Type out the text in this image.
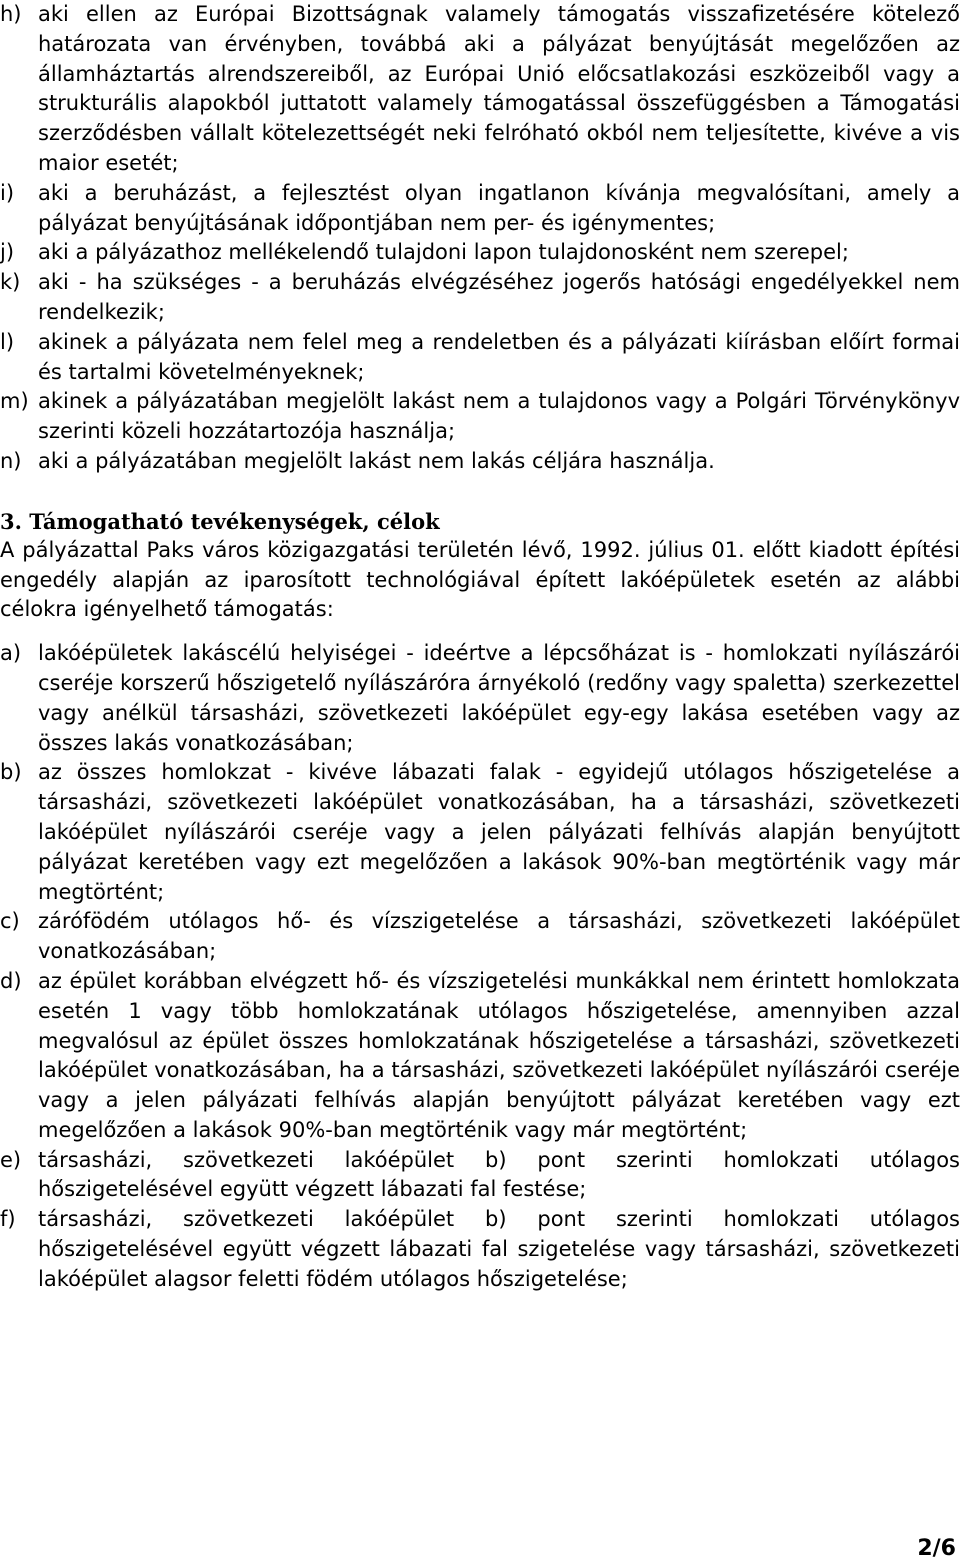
h) aki ellen az Európai Bizottságnak valamely támogatás visszafizetésére kötelező határozata van érvényben, továbbá aki a pályázat benyújtását megelőzően az államháztartás alrendszereiből, az Európai Unió előcsatlakozási eszközeiből vagy a strukturális alapokból juttatott valamely támogatással összefüggésben a Támogatási szerződésben vállalt kötelezettségét neki felróható okból nem teljesítette, kivéve a vis maior esetét;
i)	aki a beruházást, a fejlesztést olyan ingatlanon kívánja megvalósítani, amely a pályázat benyújtásának időpontjában nem per- és igénymentes;
j)	aki a pályázathoz mellékelendő tulajdoni lapon tulajdonosként nem szerepel;
k) aki - ha szükséges - a beruházás elvégzéséhez jogerős hatósági engedélyekkel nem rendelkezik;
l)	akinek a pályázata nem felel meg a rendeletben és a pályázati kiírásban előírt formai és tartalmi követelményeknek;
m) akinek a pályázatában megjelölt lakást nem a tulajdonos vagy a Polgári Törvénykönyv szerinti közeli hozzátartozója használja;
n) aki a pályázatában megjelölt lakást nem lakás céljára használja.
3. Támogatható tevékenységek, célok
A pályázattal Paks város közigazgatási területén lévő, 1992. július 01. előtt kiadott építési engedély alapján az iparosított technológiával épített lakóépületek esetén az alábbi célokra igényelhető támogatás:
a) lakóépületek lakáscélú helyiségei - ideértve a lépcsőházat is - homlokzati nyílászárói cseréje korszerű hőszigetelő nyílászáróra árnyékoló (redőny vagy spaletta) szerkezettel vagy anélkül társasházi, szövetkezeti lakóépület egy-egy lakása esetében vagy az összes lakás vonatkozásában;
b) az összes homlokzat - kivéve lábazati falak - egyidejű utólagos hőszigetelése a társasházi, szövetkezeti lakóépület vonatkozásában, ha a társasházi, szövetkezeti lakóépület nyílászárói cseréje vagy a jelen pályázati felhívás alapján benyújtott pályázat keretében vagy ezt megelőzően a lakások 90%-ban megtörténik vagy már megtörtént;
c) zárófödém utólagos hő- és vízszigetelése a társasházi, szövetkezeti lakóépület vonatkozásában;
d) az épület korábban elvégzett hő- és vízszigetelési munkákkal nem érintett homlokzata esetén 1 vagy több homlokzatának utólagos hőszigetelése, amennyiben azzal megvalósul az épület összes homlokzatának hőszigetelése a társasházi, szövetkezeti lakóépület vonatkozásában, ha a társasházi, szövetkezeti lakóépület nyílászárói cseréje vagy a jelen pályázati felhívás alapján benyújtott pályázat keretében vagy ezt megelőzően a lakások 90%-ban megtörténik vagy már megtörtént;
e) társasházi, szövetkezeti lakóépület b) pont szerinti homlokzati utólagos hőszigetelésével együtt végzett lábazati fal festése;
f)	társasházi, szövetkezeti lakóépület b) pont szerinti homlokzati utólagos hőszigetelésével együtt végzett lábazati fal szigetelése vagy társasházi, szövetkezeti lakóépület alagsor feletti födém utólagos hőszigetelése;
2/6
